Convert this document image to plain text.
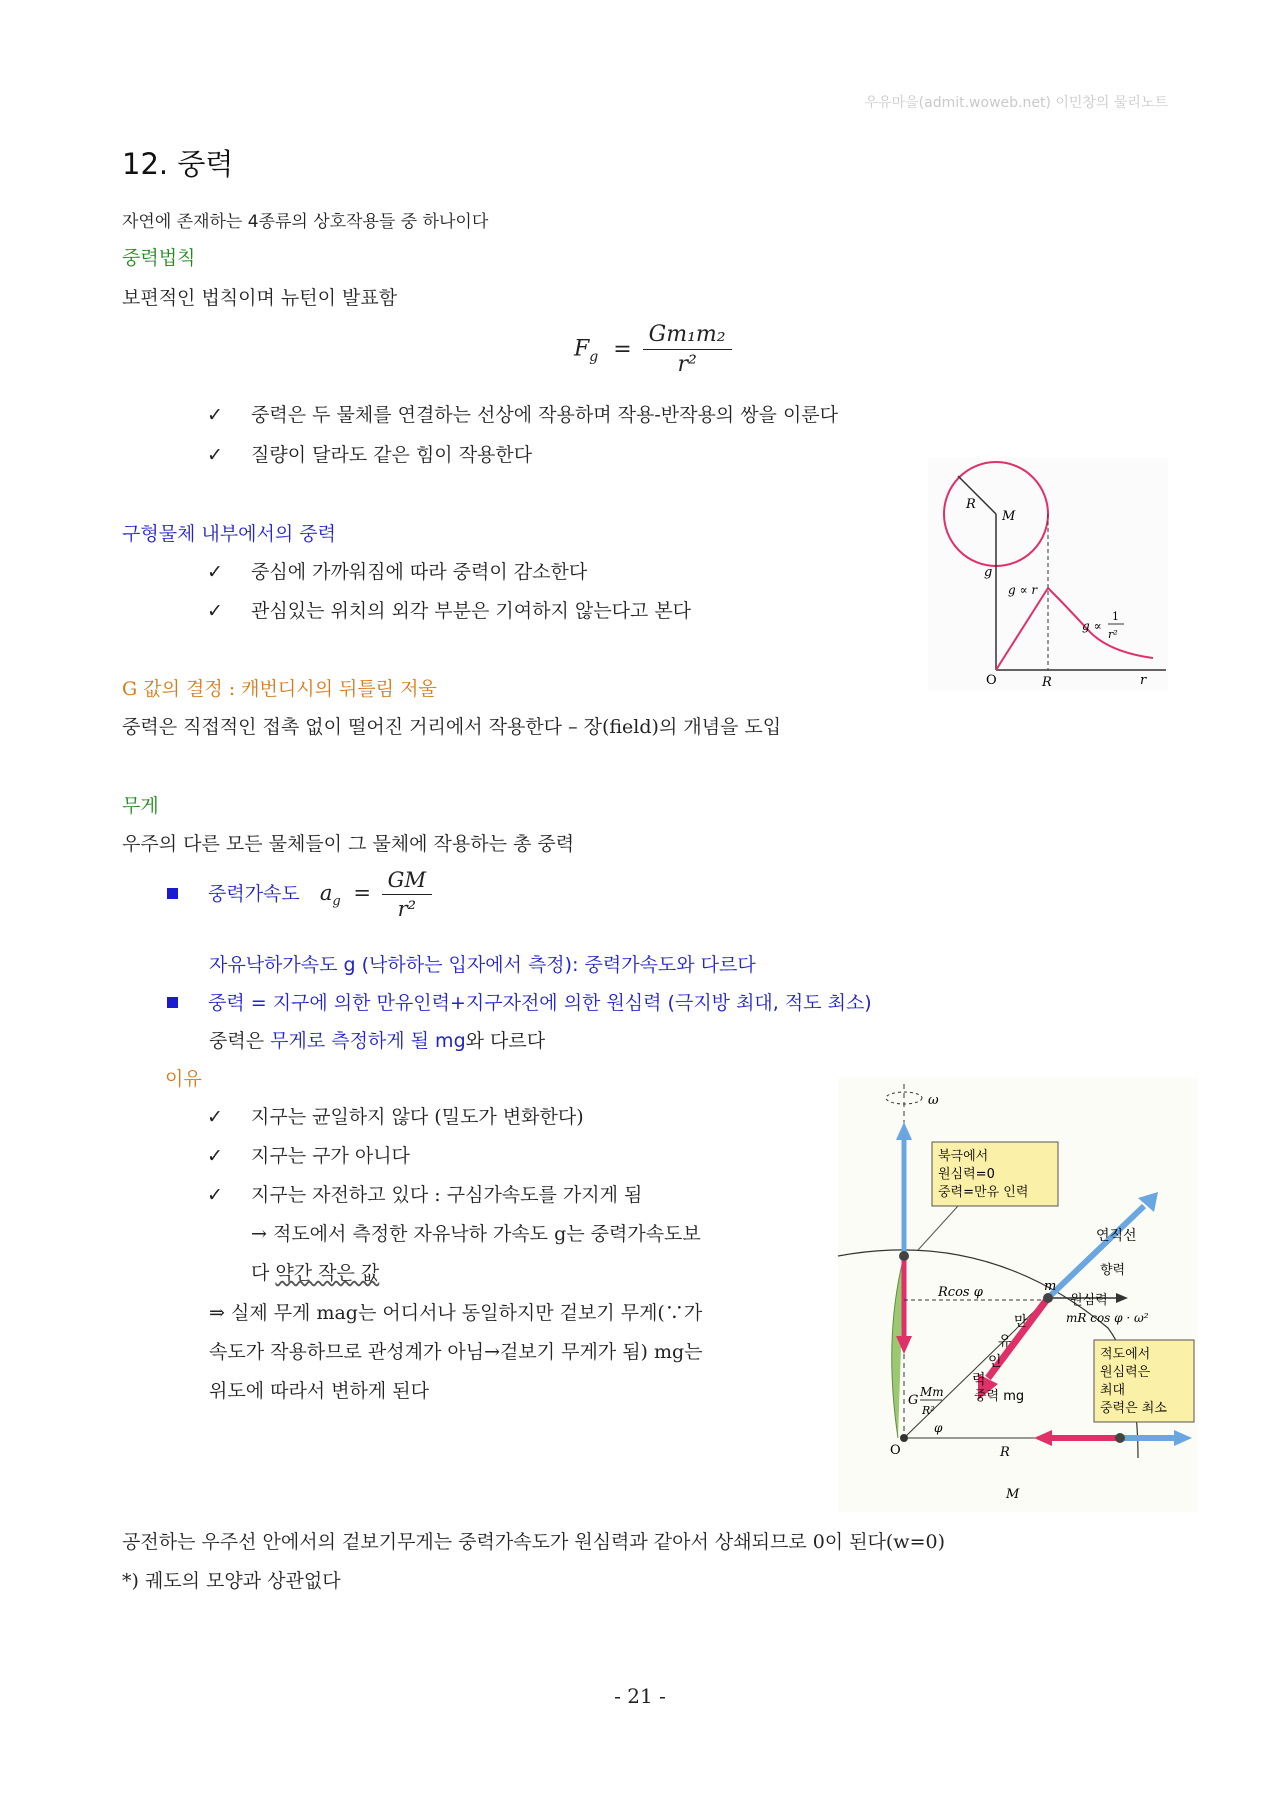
우유마을(admit.woweb.net) 이민창의 물리노트
12. 중력
자연에 존재하는 4종류의 상호작용들 중 하나이다
중력법칙
보편적인 법칙이며 뉴턴이 발표함
$F_g = \frac{\text{Gm₁m₂}}{\text{r²}}$
✓ 중력은 두 물체를 연결하는 선상에 작용하며 작용-반작용의 쌍을 이룬다
✓ 질량이 달라도 같은 힘이 작용한다
구형물체 내부에서의 중력
✓ 중심에 가까워짐에 따라 중력이 감소한다
✓ 관심있는 위치의 외각 부분은 기여하지 않는다고 본다
R
M
g
g ∝ r
g ∝
1
r²
O	R	r
G 값의 결정 : 캐번디시의 뒤틀림 저울
중력은 직접적인 접촉 없이 떨어진 거리에서 작용한다 – 장(field)의 개념을 도입
무게
우주의 다른 모든 물체들이 그 물체에 작용하는 총 중력
중력가속도 $a_g = \frac{GM}{\text{r²}}$
자유낙하가속도 g (낙하하는 입자에서 측정): 중력가속도와 다르다
중력 = 지구에 의한 만유인력+지구자전에 의한 원심력 (극지방 최대, 적도 최소)
중력은 무게로 측정하게 될 mg와 다르다
이유
✓ 지구는 균일하지 않다 (밀도가 변화한다)
✓ 지구는 구가 아니다
✓ 지구는 자전하고 있다 : 구심가속도를 가지게 됨
→ 적도에서 측정한 자유낙하 가속도 g는 중력가속도보
다 약간 작은 값
⇒ 실제 무게 mag는 어디서나 동일하지만 겉보기 무게(∵가
속도가 작용하므로 관성계가 아님→겉보기 무게가 됨) mg는
위도에 따라서 변하게 된다
ω
북극에서
원심력=0
중력=만유 인력
연직선
향력
Rcos φ	m
원심력
mR cos φ · ω²
만
유
인
력
G
Mm
R²
중력 mg
적도에서
원심력은
최대
중력은 최소
φ
O	R
M
공전하는 우주선 안에서의 겉보기무게는 중력가속도가 원심력과 같아서 상쇄되므로 0이 된다(w=0)
*) 궤도의 모양과 상관없다
- 21 -
